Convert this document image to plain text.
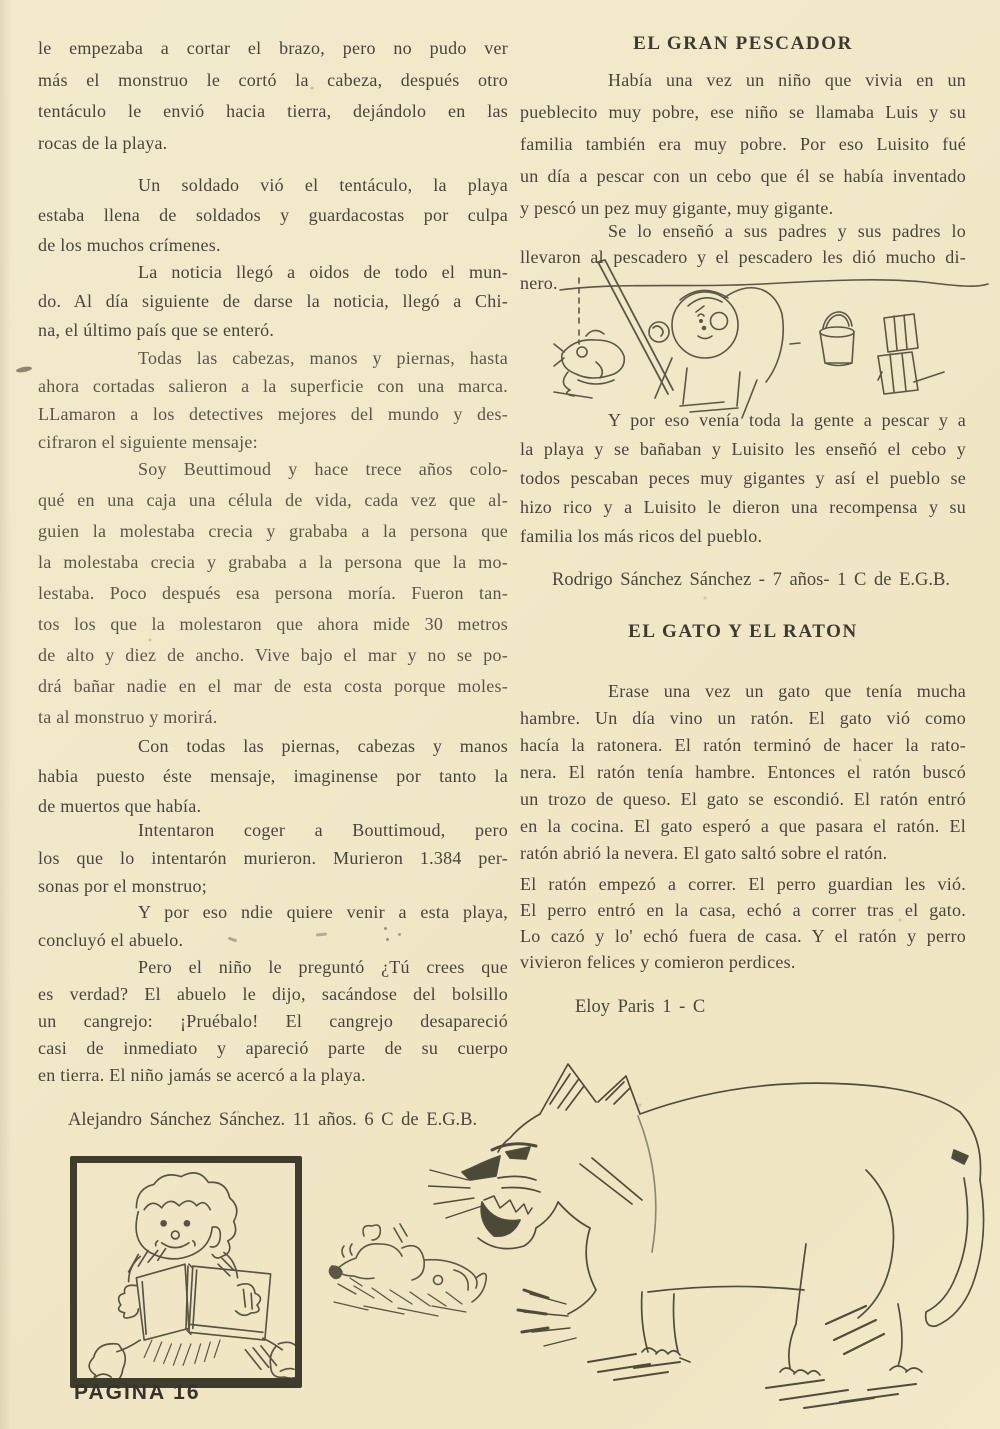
le empezaba a cortar el brazo, pero no pudo ver
más el monstruo le cortó la cabeza, después otro
tentáculo le envió hacia tierra, dejándolo en las
rocas de la playa.
Un soldado vió el tentáculo, la playa
estaba llena de soldados y guardacostas por culpa
de los muchos crímenes.
La noticia llegó a oidos de todo el mun-
do. Al día siguiente de darse la noticia, llegó a Chi-
na, el último país que se enteró.
Todas las cabezas, manos y piernas, hasta
ahora cortadas salieron a la superficie con una marca.
LLamaron a los detectives mejores del mundo y des-
cifraron el siguiente mensaje:
Soy Beuttimoud y hace trece años colo-
qué en una caja una célula de vida, cada vez que al-
guien la molestaba crecia y grababa a la persona que
la molestaba crecia y grababa a la persona que la mo-
lestaba. Poco después esa persona moría. Fueron tan-
tos los que la molestaron que ahora mide 30 metros
de alto y diez de ancho. Vive bajo el mar y no se po-
drá bañar nadie en el mar de esta costa porque moles-
ta al monstruo y morirá.
Con todas las piernas, cabezas y manos
habia puesto éste mensaje, imaginense por tanto la
de muertos que había.
Intentaron coger a Bouttimoud, pero
los que lo intentarón murieron. Murieron 1.384 per-
sonas por el monstruo;
Y por eso ndie quiere venir a esta playa,
concluyó el abuelo.
Pero el niño le preguntó ¿Tú crees que
es verdad? El abuelo le dijo, sacándose del bolsillo
un cangrejo: ¡Pruébalo! El cangrejo desapareció
casi de inmediato y apareció parte de su cuerpo
en tierra. El niño jamás se acercó a la playa.
Alejandro Sánchez Sánchez. 11 años. 6 C de E.G.B.
EL GRAN PESCADOR
Había una vez un niño que vivia en un
pueblecito muy pobre, ese niño se llamaba Luis y su
familia también era muy pobre. Por eso Luisito fué
un día a pescar con un cebo que él se había inventado
y pescó un pez muy gigante, muy gigante.
Se lo enseñó a sus padres y sus padres lo
llevaron al pescadero y el pescadero les dió mucho di-
nero.
Y por eso venía toda la gente a pescar y a
la playa y se bañaban y Luisito les enseñó el cebo y
todos pescaban peces muy gigantes y así el pueblo se
hizo rico y a Luisito le dieron una recompensa y su
familia los más ricos del pueblo.
Rodrigo Sánchez Sánchez - 7 años- 1 C de E.G.B.
EL GATO Y EL RATON
Erase una vez un gato que tenía mucha
hambre. Un día vino un ratón. El gato vió como
hacía la ratonera. El ratón terminó de hacer la rato-
nera. El ratón tenía hambre. Entonces el ratón buscó
un trozo de queso. El gato se escondió. El ratón entró
en la cocina. El gato esperó a que pasara el ratón. El
ratón abrió la nevera. El gato saltó sobre el ratón.
El ratón empezó a correr. El perro guardian les vió.
El perro entró en la casa, echó a correr tras el gato.
Lo cazó y lo' echó fuera de casa. Y el ratón y perro
vivieron felices y comieron perdices.
Eloy Paris 1 - C
PAGINA 16
